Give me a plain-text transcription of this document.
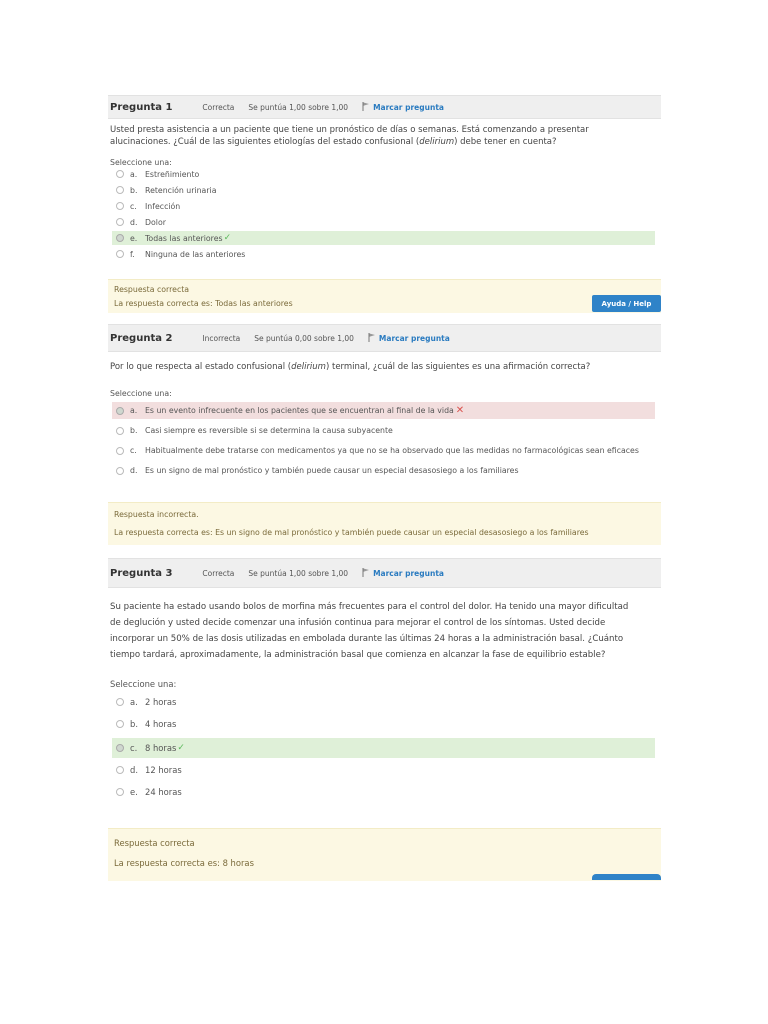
Pregunta 1	Correcta Se puntúa 1,00 sobre 1,00	Marcar pregunta
Usted presta asistencia a un paciente que tiene un pronóstico de días o semanas. Está comenzando a presentar
alucinaciones. ¿Cuál de las siguientes etiologías del estado confusional (delirium) debe tener en cuenta?
Seleccione una:
a. Estreñimiento
b. Retención urinaria
c.	Infección
d. Dolor
e. Todas las anteriores ✓
f.	Ninguna de las anteriores
Respuesta correcta
La respuesta correcta es: Todas las anteriores	Ayuda / Help
Pregunta 2	Incorrecta Se puntúa 0,00 sobre 1,00	Marcar pregunta
Por lo que respecta al estado confusional (delirium) terminal, ¿cuál de las siguientes es una afirmación correcta?
Seleccione una:
a. Es un evento infrecuente en los pacientes que se encuentran al final de la vida ✕
b. Casi siempre es reversible si se determina la causa subyacente
c.	Habitualmente debe tratarse con medicamentos ya que no se ha observado que las medidas no farmacológicas sean eficaces
d. Es un signo de mal pronóstico y también puede causar un especial desasosiego a los familiares
Respuesta incorrecta.
La respuesta correcta es: Es un signo de mal pronóstico y también puede causar un especial desasosiego a los familiares
Pregunta 3	Correcta Se puntúa 1,00 sobre 1,00	Marcar pregunta
Su paciente ha estado usando bolos de morfina más frecuentes para el control del dolor. Ha tenido una mayor dificultad
de deglución y usted decide comenzar una infusión continua para mejorar el control de los síntomas. Usted decide
incorporar un 50% de las dosis utilizadas en embolada durante las últimas 24 horas a la administración basal. ¿Cuánto
tiempo tardará, aproximadamente, la administración basal que comienza en alcanzar la fase de equilibrio estable?
Seleccione una:
a. 2 horas
b. 4 horas
c. 8 horas ✓
d. 12 horas
e. 24 horas
Respuesta correcta
La respuesta correcta es: 8 horas
